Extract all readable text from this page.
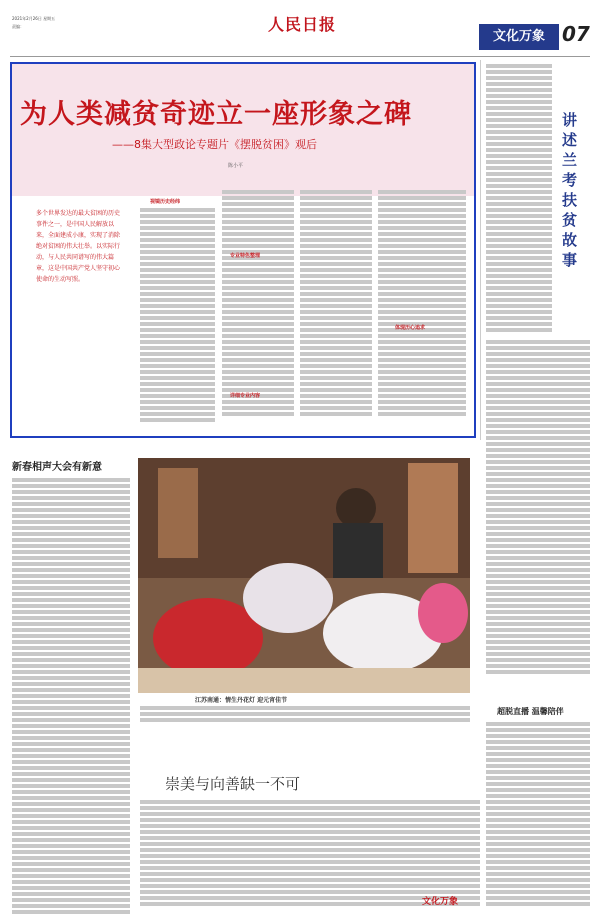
2021年2月26日 星期五
责编：	人民日报
文化万象 07
为人类减贫奇迹立一座形象之碑
——8集大型政论专题片《摆脱贫困》观后
陈小平
多个世界发达的最大贫困的历史事件之一，是中国人民解放以来，全面建成小康，实现了消除绝对贫困的伟大壮举。以实际行动，与人民共同谱写的伟大篇章，这是中国共产党人坚守初心使命的生动写照。
视镜历史经纬
专业特色整理
详细专业内容
体现历心追求
讲述兰考扶贫故事
新春相声大会有新意
江苏南通：情生丹花灯 迎元宵佳节
超脱直播 温馨陪伴
崇美与向善缺一不可
文化万象
